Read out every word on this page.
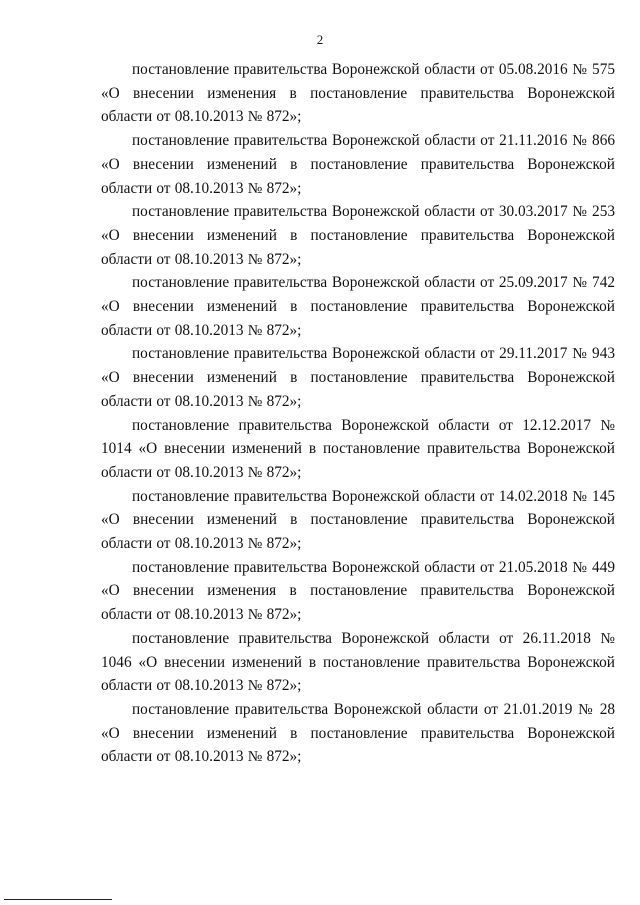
2

постановление правительства Воронежской области от 05.08.2016 № 575 «О внесении изменения в постановление правительства Воронежской области от 08.10.2013 № 872»;

постановление правительства Воронежской области от 21.11.2016 № 866 «О внесении изменений в постановление правительства Воронежской области от 08.10.2013 № 872»;

постановление правительства Воронежской области от 30.03.2017 № 253 «О внесении изменений в постановление правительства Воронежской области от 08.10.2013 № 872»;

постановление правительства Воронежской области от 25.09.2017 № 742 «О внесении изменений в постановление правительства Воронежской области от 08.10.2013 № 872»;

постановление правительства Воронежской области от 29.11.2017 № 943 «О внесении изменений в постановление правительства Воронежской области от 08.10.2013 № 872»;

постановление правительства Воронежской области от 12.12.2017 № 1014 «О внесении изменений в постановление правительства Воронежской области от 08.10.2013 № 872»;

постановление правительства Воронежской области от 14.02.2018 № 145 «О внесении изменений в постановление правительства Воронежской области от 08.10.2013 № 872»;

постановление правительства Воронежской области от 21.05.2018 № 449 «О внесении изменения в постановление правительства Воронежской области от 08.10.2013 № 872»;

постановление правительства Воронежской области от 26.11.2018 № 1046 «О внесении изменений в постановление правительства Воронежской области от 08.10.2013 № 872»;

постановление правительства Воронежской области от 21.01.2019 № 28 «О внесении изменений в постановление правительства Воронежской области от 08.10.2013 № 872»;
